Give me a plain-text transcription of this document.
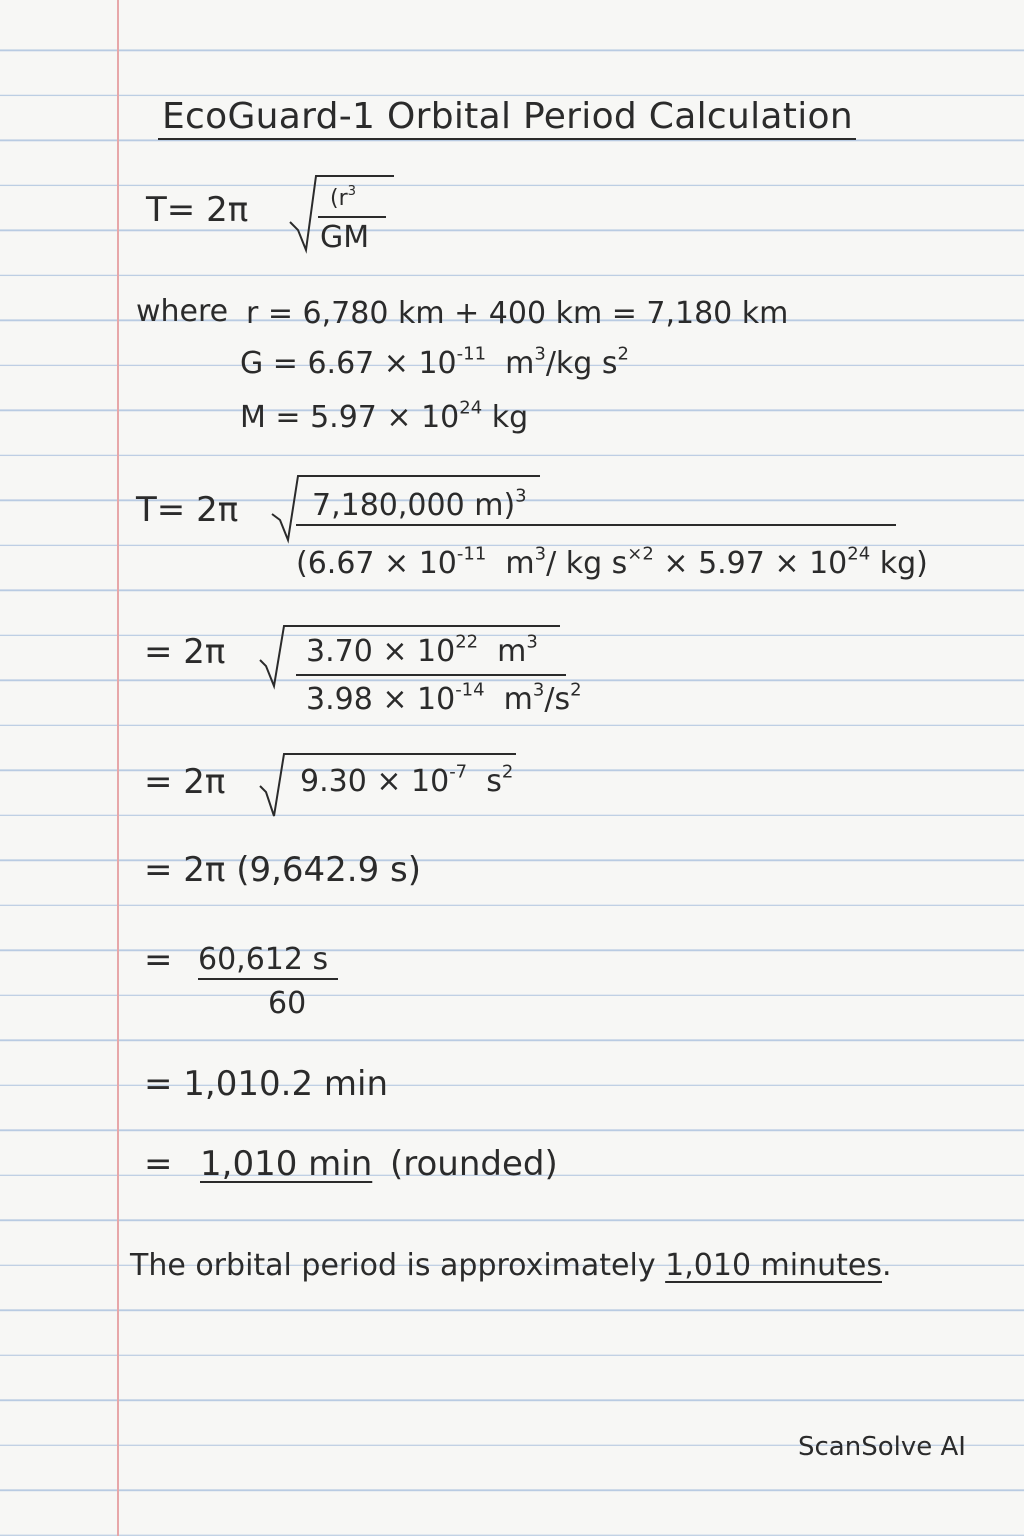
EcoGuard-1 Orbital Period Calculation
T= 2π	($r^3$
GM
where r = 6,780 km + 400 km = 7,180 km
$G = 6.67 \times 10^{-11}$ $m^3/kg$ $s^2$
$M = 5.97 \times 10^{24}$ kg
T= 2π 7,180,000 m)$^3$
($6.67 \times 10^{-11}$ $m^3/$ kg $s^{\times 2} \times 5.97 \times 10^{24}$ kg)
= 2π	$3.70 \times 10^{22}$ $m^3$
$3.98 \times 10^{-14}$ $m^3/s^2$
= 2π $9.30 \times 10^{-7}$ $s^2$
= 2π (9,642.9 s)
= 60,612 s
60
= 1,010.2 min
= 1,010 min (rounded)
The orbital period is approximately 1,010 minutes.
ScanSolve AI
